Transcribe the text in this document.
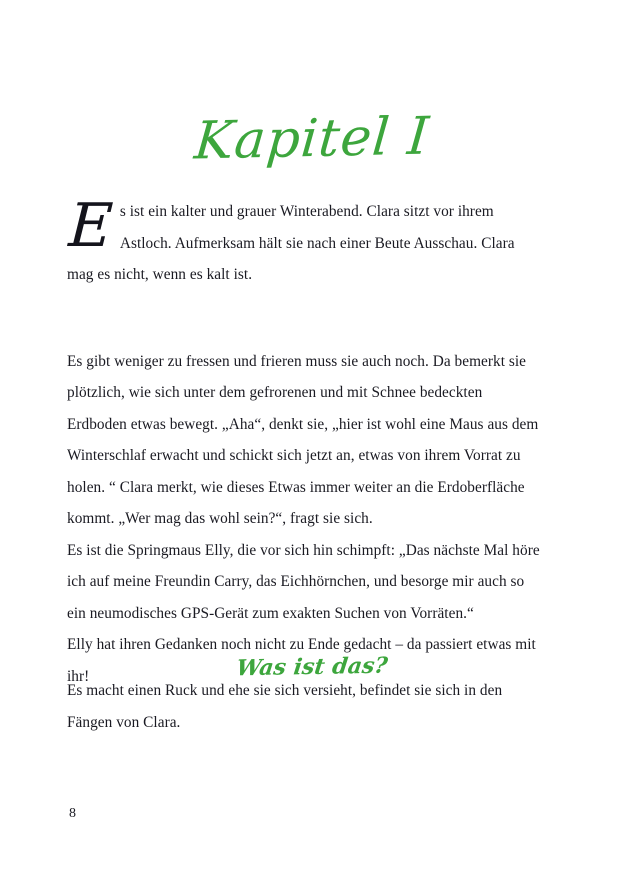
Kapitel I

Es ist ein kalter und grauer Winterabend. Clara sitzt vor ihrem Astloch. Aufmerksam hält sie nach einer Beute Ausschau. Clara mag es nicht, wenn es kalt ist.

Es gibt weniger zu fressen und frieren muss sie auch noch. Da bemerkt sie plötzlich, wie sich unter dem gefrorenen und mit Schnee bedeckten Erdboden etwas bewegt. „Aha“, denkt sie, „hier ist wohl eine Maus aus dem Winterschlaf erwacht und schickt sich jetzt an, etwas von ihrem Vorrat zu holen. “ Clara merkt, wie dieses Etwas immer weiter an die Erdoberfläche kommt. „Wer mag das wohl sein?“, fragt sie sich.

Es ist die Springmaus Elly, die vor sich hin schimpft: „Das nächste Mal höre ich auf meine Freundin Carry, das Eichhörnchen, und besorge mir auch so ein neumodisches GPS-Gerät zum exakten Suchen von Vorräten.“

Elly hat ihren Gedanken noch nicht zu Ende gedacht – da passiert etwas mit ihr!	Was ist das?

Es macht einen Ruck und ehe sie sich versieht, befindet sie sich in den Fängen von Clara.

8
